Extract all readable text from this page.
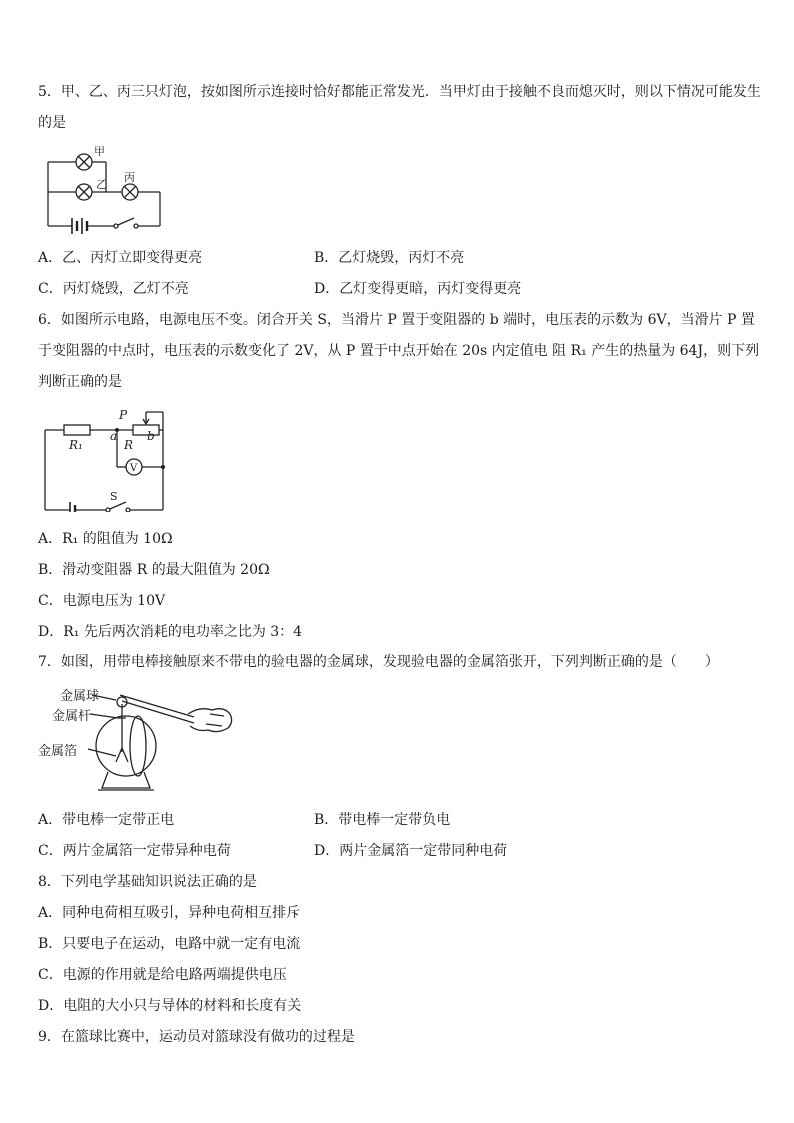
5．甲、乙、丙三只灯泡，按如图所示连接时恰好都能正常发光．当甲灯由于接触不良而熄灭时，则以下情况可能发生
的是
甲
乙
丙
A．乙、丙灯立即变得更亮	B．乙灯烧毁，丙灯不亮
C．丙灯烧毁，乙灯不亮	D．乙灯变得更暗，丙灯变得更亮
6．如图所示电路，电源电压不变。闭合开关 S，当滑片 P 置于变阻器的 b 端时，电压表的示数为 6V，当滑片 P 置
于变阻器的中点时，电压表的示数变化了 2V，从 P 置于中点开始在 20s 内定值电 阻 R₁ 产生的热量为 64J，则下列
判断正确的是
R₁
P
a b
R
V
S
A．R₁ 的阻值为 10Ω
B．滑动变阻器 R 的最大阻值为 20Ω
C．电源电压为 10V
D．R₁ 先后两次消耗的电功率之比为 3：4
7．如图，用带电棒接触原来不带电的验电器的金属球，发现验电器的金属箔张开，下列判断正确的是（　　）
金属球
金属杆
金属箔
A．带电棒一定带正电	B．带电棒一定带负电
C．两片金属箔一定带异种电荷	D．两片金属箔一定带同种电荷
8．下列电学基础知识说法正确的是
A．同种电荷相互吸引，异种电荷相互排斥
B．只要电子在运动，电路中就一定有电流
C．电源的作用就是给电路两端提供电压
D．电阻的大小只与导体的材料和长度有关
9．在篮球比赛中，运动员对篮球没有做功的过程是
